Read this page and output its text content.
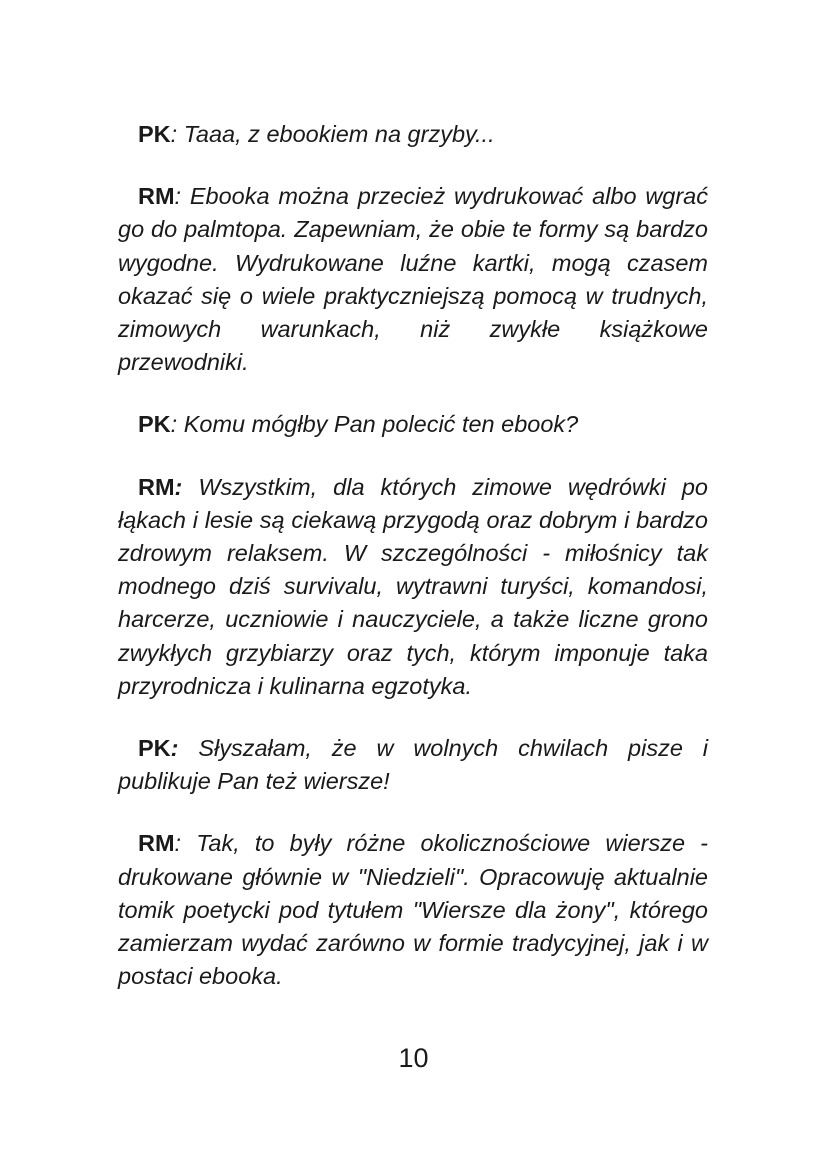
PK: Taaa, z ebookiem na grzyby...

RM: Ebooka można przecież wydrukować albo wgrać go do palmtopa. Zapewniam, że obie te formy są bardzo wygodne. Wydrukowane luźne kartki, mogą czasem okazać się o wiele praktyczniejszą pomocą w trudnych, zimowych warunkach, niż zwykłe książkowe przewodniki.

PK: Komu mógłby Pan polecić ten ebook?

RM: Wszystkim, dla których zimowe wędrówki po łąkach i lesie są ciekawą przygodą oraz dobrym i bardzo zdrowym relaksem. W szczególności - miłośnicy tak modnego dziś survivalu, wytrawni turyści, komandosi, harcerze, uczniowie i nauczyciele, a także liczne grono zwykłych grzybiarzy oraz tych, którym imponuje taka przyrodnicza i kulinarna egzotyka.

PK: Słyszałam, że w wolnych chwilach pisze i publikuje Pan też wiersze!

RM: Tak, to były różne okolicznościowe wiersze - drukowane głównie w "Niedzieli". Opracowuję aktualnie tomik poetycki pod tytułem "Wiersze dla żony", którego zamierzam wydać zarówno w formie tradycyjnej, jak i w postaci ebooka.

10
